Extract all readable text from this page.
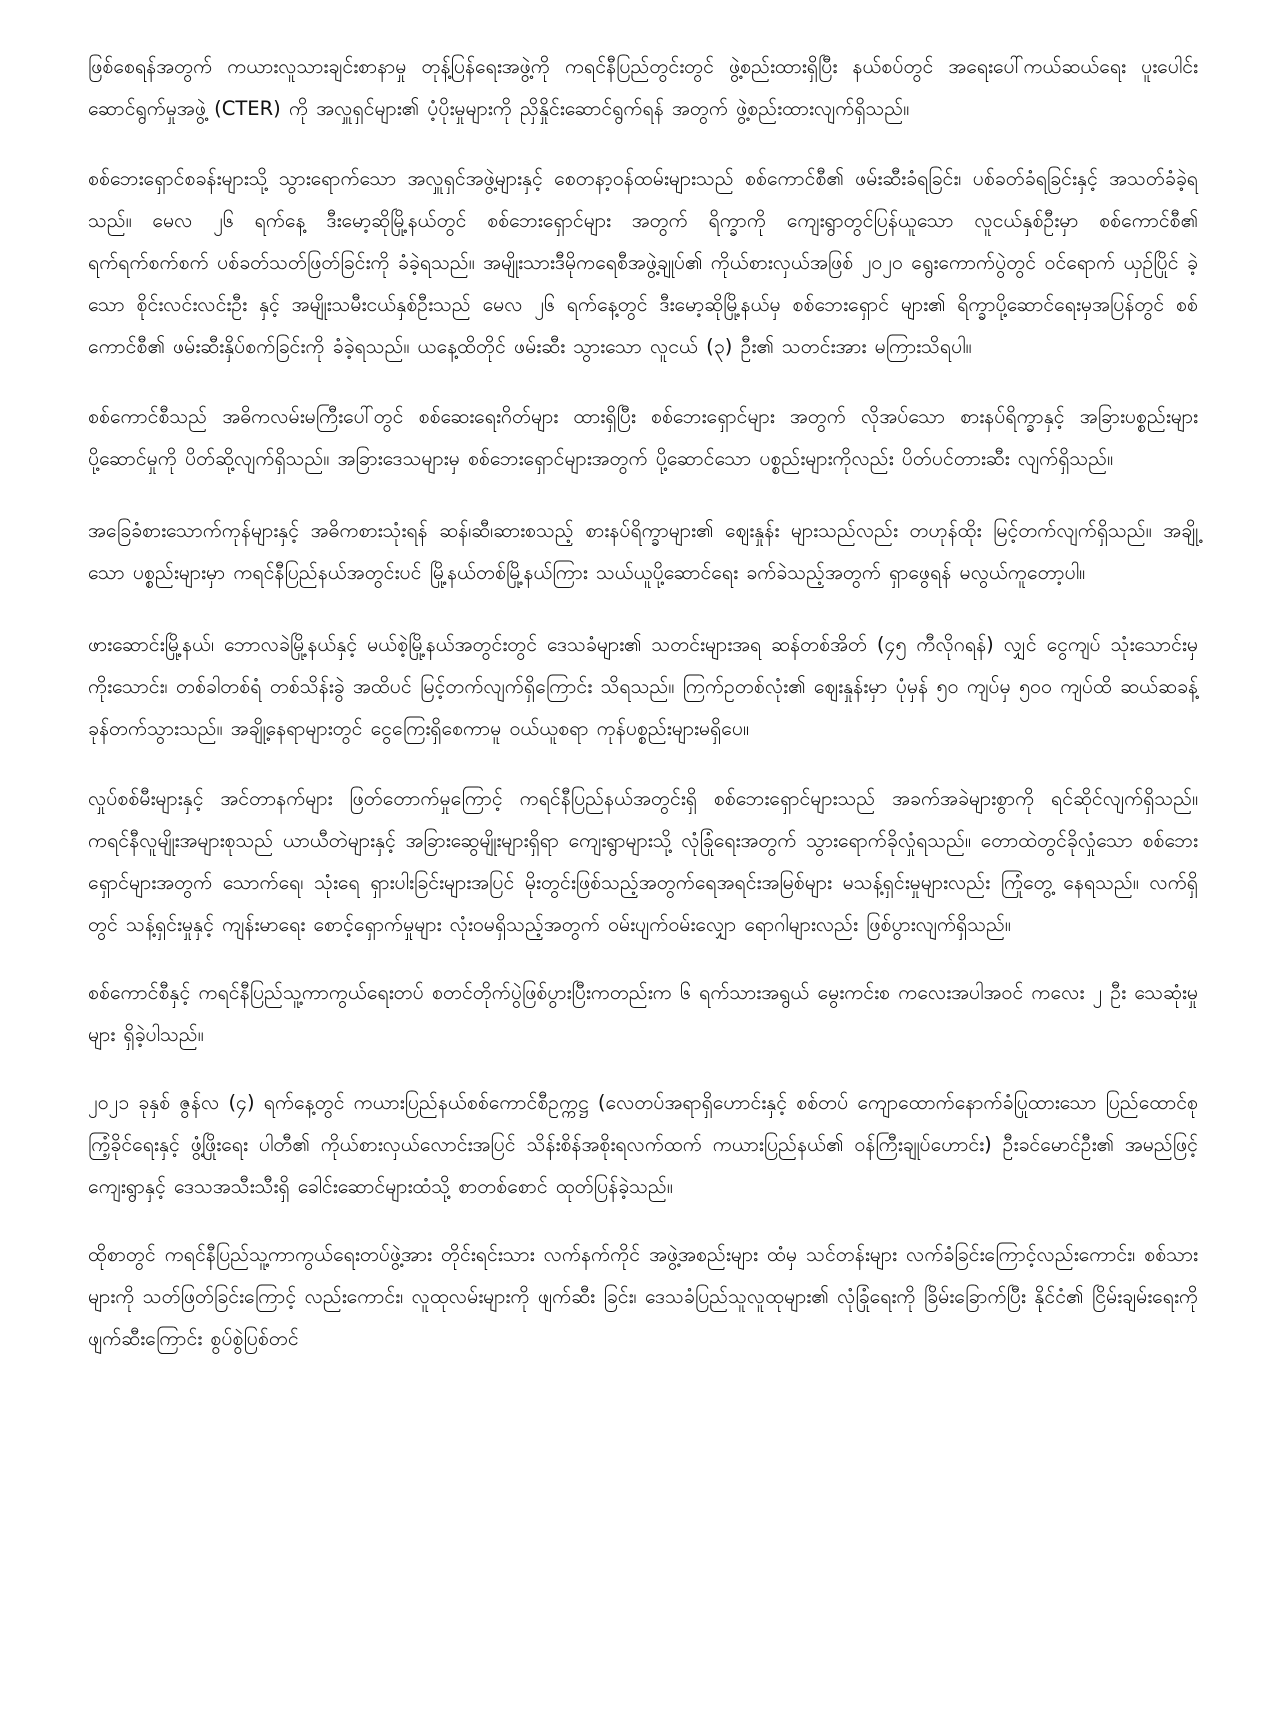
ဖြစ်စေရန်အတွက် ကယားလူသားချင်းစာနာမှု တုန့်ပြန်ရေးအဖွဲ့ကို ကရင်နီပြည်တွင်းတွင် ဖွဲ့စည်းထားရှိပြီး နယ်စပ်တွင် အရေးပေါ်ကယ်ဆယ်ရေး ပူးပေါင်းဆောင်ရွက်မှုအဖွဲ့ (CTER) ကို အလှူရှင်များ၏ ပံ့ပိုးမှုများကို ညှိနှိုင်းဆောင်ရွက်ရန် အတွက် ဖွဲ့စည်းထားလျက်ရှိသည်။

စစ်ဘေးရှောင်စခန်းများသို့ သွားရောက်သော အလှူရှင်အဖွဲ့များနှင့် စေတနာ့ဝန်ထမ်းများသည် စစ်ကောင်စီ၏ ဖမ်းဆီးခံရခြင်း၊ ပစ်ခတ်ခံရခြင်းနှင့် အသတ်ခံခဲ့ရသည်။ မေလ ၂၆ ရက်နေ့ ဒီးမော့ဆိုမြို့နယ်တွင် စစ်ဘေးရှောင်များ အတွက် ရိက္ခာကို ကျေးရွာတွင်ပြန်ယူသော လူငယ်နှစ်ဦးမှာ စစ်ကောင်စီ၏ ရက်ရက်စက်စက် ပစ်ခတ်သတ်ဖြတ်ခြင်းကို ခံခဲ့ရသည်။ အမျိုးသားဒီမိုကရေစီအဖွဲ့ချုပ်၏ ကိုယ်စားလှယ်အဖြစ် ၂၀၂၀ ရွေးကောက်ပွဲတွင် ဝင်ရောက် ယှဉ်ပြိုင် ခဲ့သော စိုင်းလင်းလင်းဦး နှင့် အမျိုးသမီးငယ်နှစ်ဦးသည် မေလ ၂၆ ရက်နေ့တွင် ဒီးမော့ဆိုမြို့နယ်မှ စစ်ဘေးရှောင် များ၏ ရိက္ခာပို့ဆောင်ရေးမှအပြန်တွင် စစ်ကောင်စီ၏ ဖမ်းဆီးနှိပ်စက်ခြင်းကို ခံခဲ့ရသည်။ ယနေ့ထိတိုင် ဖမ်းဆီး သွားသော လူငယ် (၃) ဦး၏ သတင်းအား မကြားသိရပါ။

စစ်ကောင်စီသည် အဓိကလမ်းမကြီးပေါ်တွင် စစ်ဆေးရေးဂိတ်များ ထားရှိပြီး စစ်ဘေးရှောင်များ အတွက် လိုအပ်သော စားနပ်ရိက္ခာနှင့် အခြားပစ္စည်းများပို့ဆောင်မှုကို ပိတ်ဆို့လျက်ရှိသည်။ အခြားဒေသများမှ စစ်ဘေးရှောင်များအတွက် ပို့ဆောင်သော ပစ္စည်းများကိုလည်း ပိတ်ပင်တားဆီး လျက်ရှိသည်။

အခြေခံစားသောက်ကုန်များနှင့် အဓိကစားသုံးရန် ဆန်၊ဆီ၊ဆားစသည့် စားနပ်ရိက္ခာများ၏ ဈေးနှုန်း များသည်လည်း တဟုန်ထိုး မြင့်တက်လျက်ရှိသည်။ အချို့သော ပစ္စည်းများမှာ ကရင်နီပြည်နယ်အတွင်းပင် မြို့နယ်တစ်မြို့နယ်ကြား သယ်ယူပို့ဆောင်ရေး ခက်ခဲသည့်အတွက် ရှာဖွေရန် မလွယ်ကူတော့ပါ။

ဖားဆောင်းမြို့နယ်၊ ဘောလခဲမြို့နယ်နှင့် မယ်စဲ့မြို့နယ်အတွင်းတွင် ဒေသခံများ၏ သတင်းများအရ ဆန်တစ်အိတ် (၄၅ ကီလိုဂရန်) လျှင် ငွေကျပ် သုံးသောင်းမှ ကိုးသောင်း၊ တစ်ခါတစ်ရံ တစ်သိန်းခွဲ အထိပင် မြင့်တက်လျက်ရှိကြောင်း သိရသည်။ ကြက်ဥတစ်လုံး၏ ဈေးနှုန်းမှာ ပုံမှန် ၅၀ ကျပ်မှ ၅၀၀ ကျပ်ထိ ဆယ်ဆခန့် ခုန်တက်သွားသည်။ အချို့နေရာများတွင် ငွေကြေးရှိစေကာမူ ဝယ်ယူစရာ ကုန်ပစ္စည်းများမရှိပေ။

လှုပ်စစ်မီးများနှင့် အင်တာနက်များ ဖြတ်တောက်မှုကြောင့် ကရင်နီပြည်နယ်အတွင်းရှိ စစ်ဘေးရှောင်များသည် အခက်အခဲများစွာကို ရင်ဆိုင်လျက်ရှိသည်။ ကရင်နီလူမျိုးအများစုသည် ယာယီတဲများနှင့် အခြားဆွေမျိုးများရှိရာ ကျေးရွာများသို့ လုံခြုံရေးအတွက် သွားရောက်ခိုလှုံရသည်။ တောထဲတွင်ခိုလှုံသော စစ်ဘေးရှောင်များအတွက် သောက်ရေ၊ သုံးရေ ရှားပါးခြင်းများအပြင် မိုးတွင်းဖြစ်သည့်အတွက်ရေအရင်းအမြစ်များ မသန့်ရှင်းမှုများလည်း ကြုံတွေ့ နေရသည်။ လက်ရှိတွင် သန့်ရှင်းမှုနှင့် ကျန်းမာရေး စောင့်ရှောက်မှုများ လုံးဝမရှိသည့်အတွက် ဝမ်းပျက်ဝမ်းလျှော ရောဂါများလည်း ဖြစ်ပွားလျက်ရှိသည်။

စစ်ကောင်စီနှင့် ကရင်နီပြည်သူ့ကာကွယ်ရေးတပ် စတင်တိုက်ပွဲဖြစ်ပွားပြီးကတည်းက ၆ ရက်သားအရွယ် မွေးကင်းစ ကလေးအပါအဝင် ကလေး ၂ ဦး သေဆုံးမှုများ ရှိခဲ့ပါသည်။

၂၀၂၁ ခုနှစ် ဇွန်လ (၄) ရက်နေ့တွင် ကယားပြည်နယ်စစ်ကောင်စီဥက္ကဋ္ဌ (လေတပ်အရာရှိဟောင်းနှင့် စစ်တပ် ကျောထောက်နောက်ခံပြုထားသော ပြည်ထောင်စု ကြံ့ခိုင်ရေးနှင့် ဖွံ့ဖြိုးရေး ပါတီ၏ ကိုယ်စားလှယ်လောင်းအပြင် သိန်းစိန်အစိုးရလက်ထက် ကယားပြည်နယ်၏ ဝန်ကြီးချုပ်ဟောင်း) ဦးခင်မောင်ဦး၏ အမည်ဖြင့် ကျေးရွာနှင့် ဒေသအသီးသီးရှိ ခေါင်းဆောင်များထံသို့ စာတစ်စောင် ထုတ်ပြန်ခဲ့သည်။

ထိုစာတွင် ကရင်နီပြည်သူ့ကာကွယ်ရေးတပ်ဖွဲ့အား တိုင်းရင်းသား လက်နက်ကိုင် အဖွဲ့အစည်းများ ထံမှ သင်တန်းများ လက်ခံခြင်းကြောင့်လည်းကောင်း၊ စစ်သားများကို သတ်ဖြတ်ခြင်းကြောင့် လည်းကောင်း၊ လူထုလမ်းများကို ဖျက်ဆီး ခြင်း၊ ဒေသခံပြည်သူလူထုများ၏ လုံခြုံရေးကို ခြိမ်းခြောက်ပြီး နိုင်ငံ၏ ငြိမ်းချမ်းရေးကို ဖျက်ဆီးကြောင်း စွပ်စွဲပြစ်တင်
